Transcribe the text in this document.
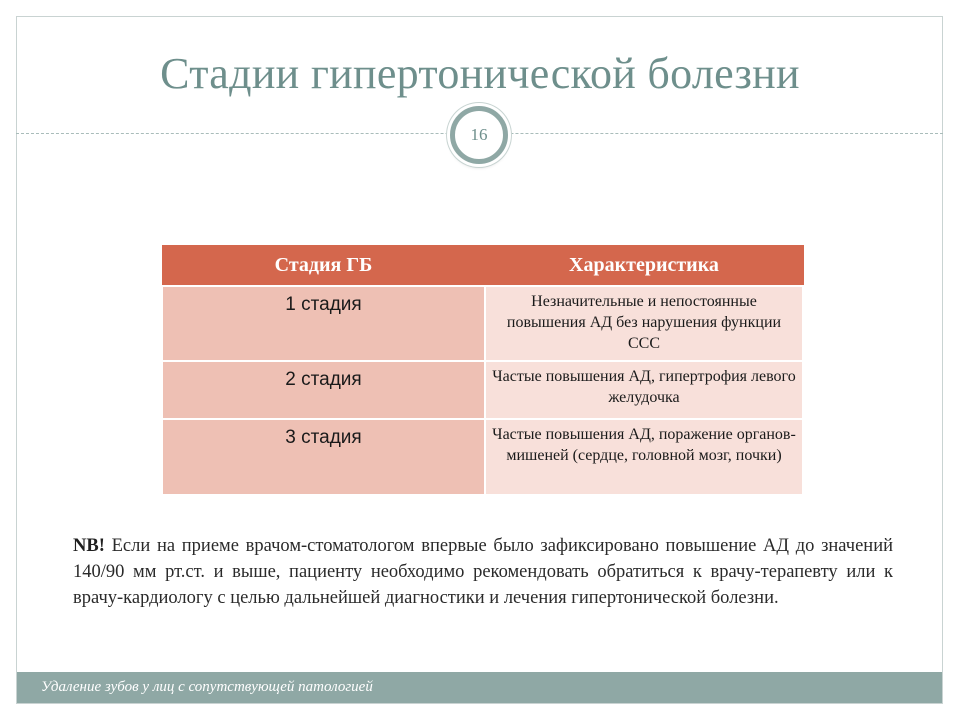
Стадии гипертонической болезни
16
Стадия ГБ	Характеристика
1 стадия	Незначительные и непостоянные повышения АД без нарушения функции ССС
2 стадия	Частые повышения АД, гипертрофия левого желудочка
3 стадия	Частые повышения АД, поражение органов-мишеней (сердце, головной мозг, почки)

NB! Если на приеме врачом-стоматологом впервые было зафиксировано повышение АД до значений 140/90 мм рт.ст. и выше, пациенту необходимо рекомендовать обратиться к врачу-терапевту или к врачу-кардиологу с целью дальнейшей диагностики и лечения гипертонической болезни.

Удаление зубов у лиц с сопутствующей патологией
